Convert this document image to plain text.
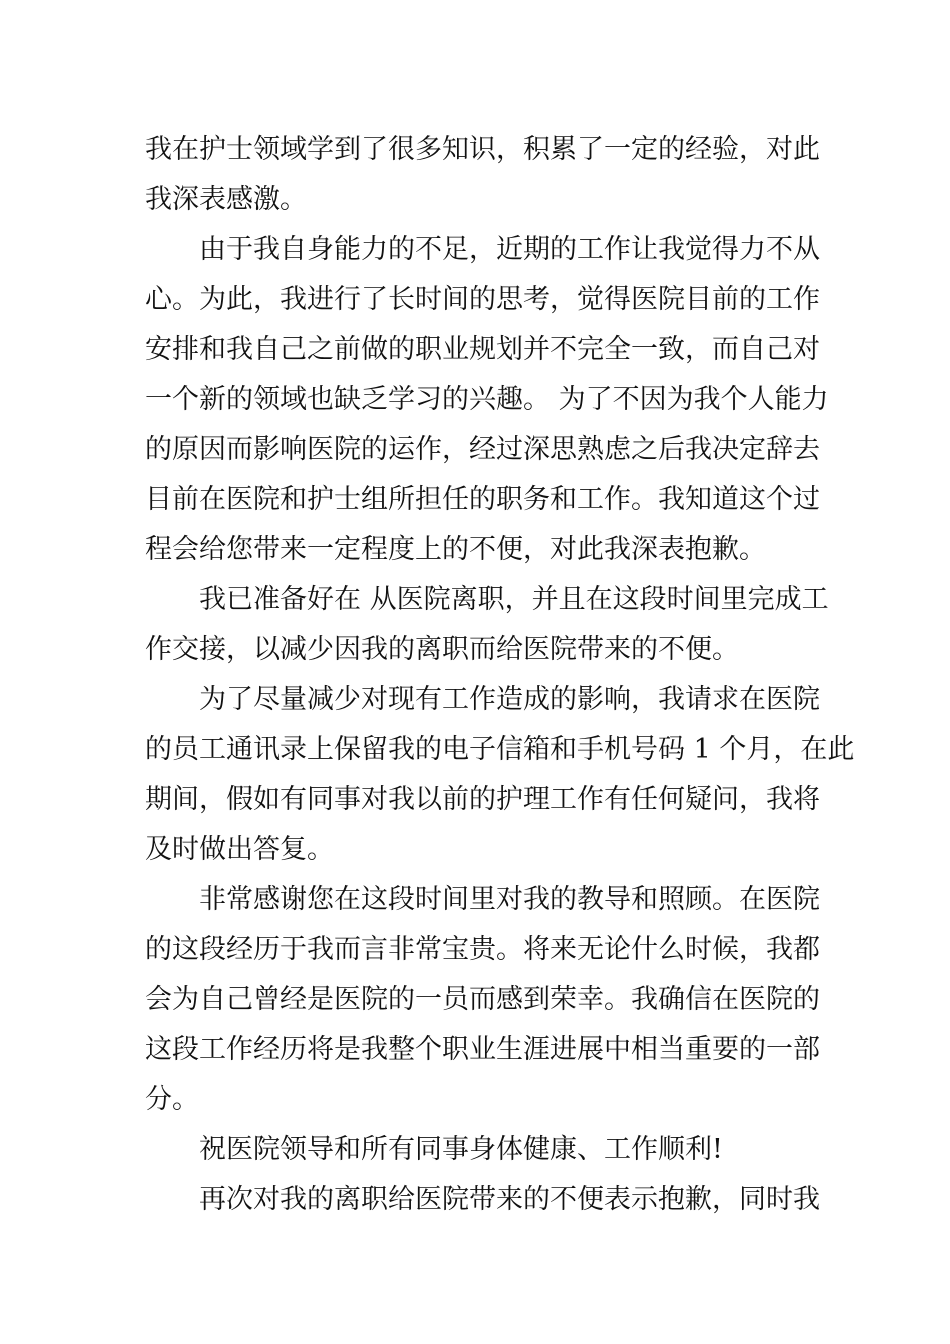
我在护士领域学到了很多知识，积累了一定的经验，对此
我深表感激。
由于我自身能力的不足，近期的工作让我觉得力不从
心。为此，我进行了长时间的思考，觉得医院目前的工作
安排和我自己之前做的职业规划并不完全一致，而自己对
一个新的领域也缺乏学习的兴趣。 为了不因为我个人能力
的原因而影响医院的运作，经过深思熟虑之后我决定辞去
目前在医院和护士组所担任的职务和工作。我知道这个过
程会给您带来一定程度上的不便，对此我深表抱歉。
我已准备好在 从医院离职，并且在这段时间里完成工
作交接，以减少因我的离职而给医院带来的不便。
为了尽量减少对现有工作造成的影响，我请求在医院
的员工通讯录上保留我的电子信箱和手机号码 1 个月，在此
期间，假如有同事对我以前的护理工作有任何疑问，我将
及时做出答复。
非常感谢您在这段时间里对我的教导和照顾。在医院
的这段经历于我而言非常宝贵。将来无论什么时候，我都
会为自己曾经是医院的一员而感到荣幸。我确信在医院的
这段工作经历将是我整个职业生涯进展中相当重要的一部
分。
祝医院领导和所有同事身体健康、工作顺利!
再次对我的离职给医院带来的不便表示抱歉，同时我
